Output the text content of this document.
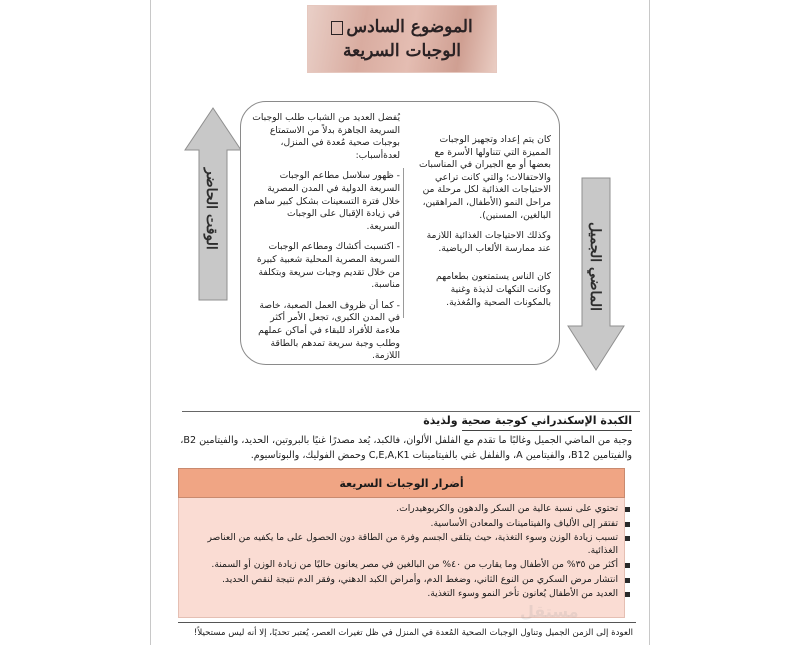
الموضوع السادس
الوجبات السريعة
الوقت الحاضر
الماضي الجميل

كان يتم إعداد وتجهيز الوجبات المميزة التي تتناولها الأسرة مع بعضها أو مع الجيران في المناسبات والاحتفالات؛ والتي كانت تراعي الاحتياجات الغذائية لكل مرحلة من مراحل النمو (الأطفال، المراهقين، البالغين، المسنين).

وكذلك الاحتياجات الغذائية اللازمة عند ممارسة الألعاب الرياضية.

كان الناس يستمتعون بطعامهم وكانت النكهات لذيذة وغنية بالمكونات الصحية والمُغذية.

يُفضل العديد من الشباب طلب الوجبات السريعة الجاهزة بدلاً من الاستمتاع بوجبات صحية مُعدة في المنزل، لعدةأسباب:

- ظهور سلاسل مطاعم الوجبات السريعة الدولية في المدن المصرية خلال فترة التسعينات بشكل كبير ساهم في زيادة الإقبال على الوجبات السريعة.

- اكتسبت أكشاك ومطاعم الوجبات السريعة المصرية المحلية شعبية كبيرة من خلال تقديم وجبات سريعة وبتكلفة مناسبة.

- كما أن ظروف العمل الصعبة، خاصة في المدن الكبرى، تجعل الأمر أكثر ملاءمة للأفراد للبقاء في أماكن عملهم وطلب وجبة سريعة تمدهم بالطاقة اللازمة.

الكبدة الإسكندراني كوجبة صحية ولذيذة
وجبة من الماضي الجميل وغالبًا ما تقدم مع الفلفل الألوان، فالكبد، يُعد مصدرًا غنيًا بالبروتين، الحديد، والفيتامين B2، والفيتامين B12، والفيتامين A، والفلفل غني بالفيتامينات C,E,A,K1 وحمض الفوليك، والبوتاسيوم.
أضرار الوجبات السريعة
تحتوي على نسبة عالية من السكر والدهون والكربوهيدرات.
تفتقر إلى الألياف والفيتامينات والمعادن الأساسية.
تسبب زيادة الوزن وسوء التغذية، حيث يتلقى الجسم وفرة من الطاقة دون الحصول على ما يكفيه من العناصر الغذائية.
أكثر من ٣٥% من الأطفال وما يقارب من ٤٠% من البالغين في مصر يعانون حاليًا من زيادة الوزن أو السمنة.
انتشار مرض السكري من النوع الثاني، وضغط الدم، وأمراض الكبد الدهني، وفقر الدم نتيجة لنقص الحديد.
العديد من الأطفال يُعانون تأخر النمو وسوء التغذية.
مستقل
العودة إلى الزمن الجميل وتناول الوجبات الصحية المُعدة في المنزل في ظل تغيرات العصر، يُعتبر تحديًا، إلا أنه ليس مستحيلاً!
